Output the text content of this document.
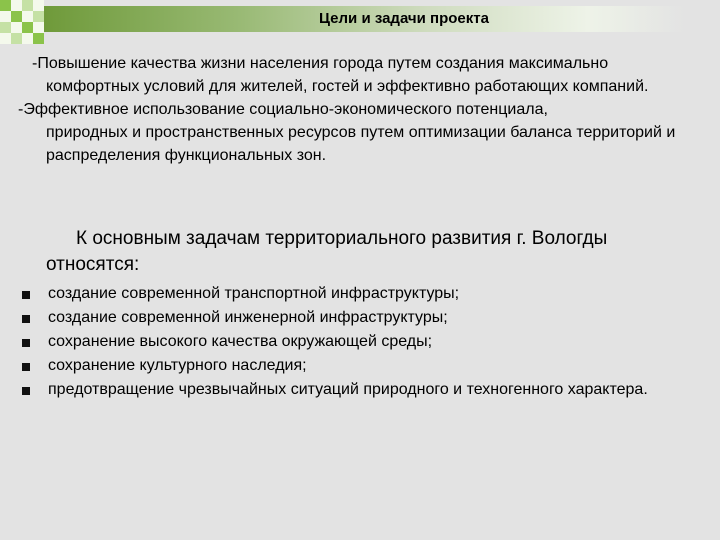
Цели и задачи проекта

-Повышение качества жизни населения города путем создания максимально
комфортных условий для жителей, гостей и эффективно работающих компаний.

-Эффективное использование социально-экономического потенциала,
природных и пространственных ресурсов путем оптимизации баланса территорий и распределения функциональных зон.

К основным задачам территориального развития г. Вологды
относятся:
создание современной транспортной инфраструктуры;
создание современной инженерной инфраструктуры;
сохранение высокого качества окружающей среды;
сохранение культурного наследия;
предотвращение чрезвычайных ситуаций природного и техногенного характера.
